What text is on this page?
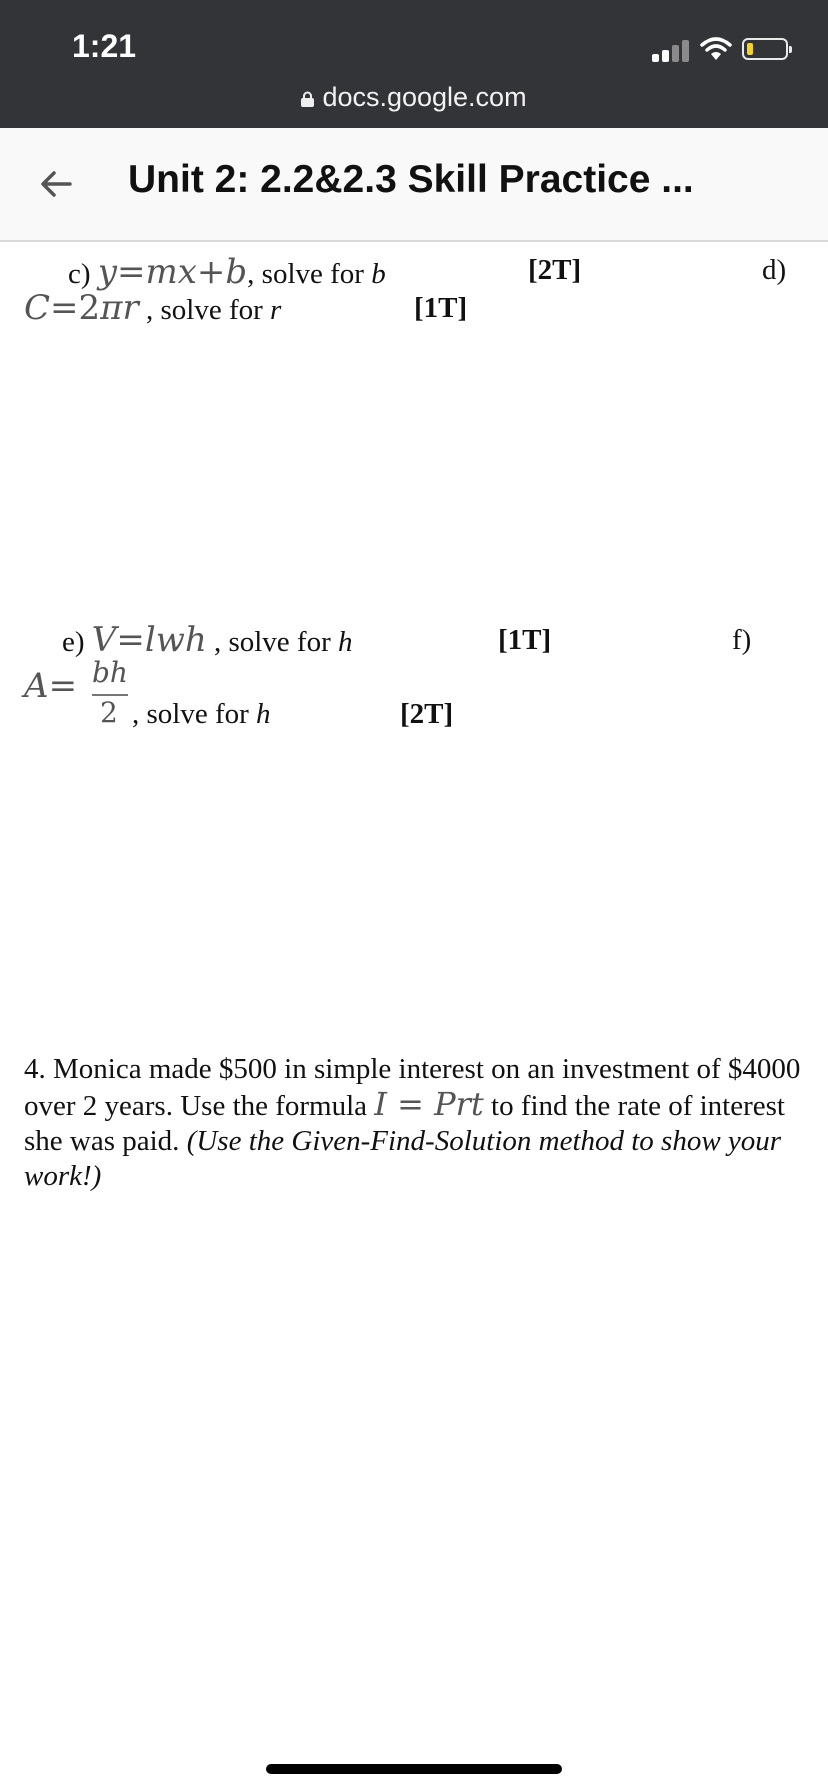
1:21
docs.google.com
Unit 2: 2.2&2.3 Skill Practice ...
c) y=mx+b, solve for b	[2T]	d)
C=2πr , solve for r	[1T]
e) V=lwh , solve for h	[1T]	f)
A= bh
2 , solve for h	[2T]
4. Monica made $500 in simple interest on an investment of $4000 over 2 years. Use the formula I = Prt to find the rate of interest she was paid. (Use the Given-Find-Solution method to show your work!)
